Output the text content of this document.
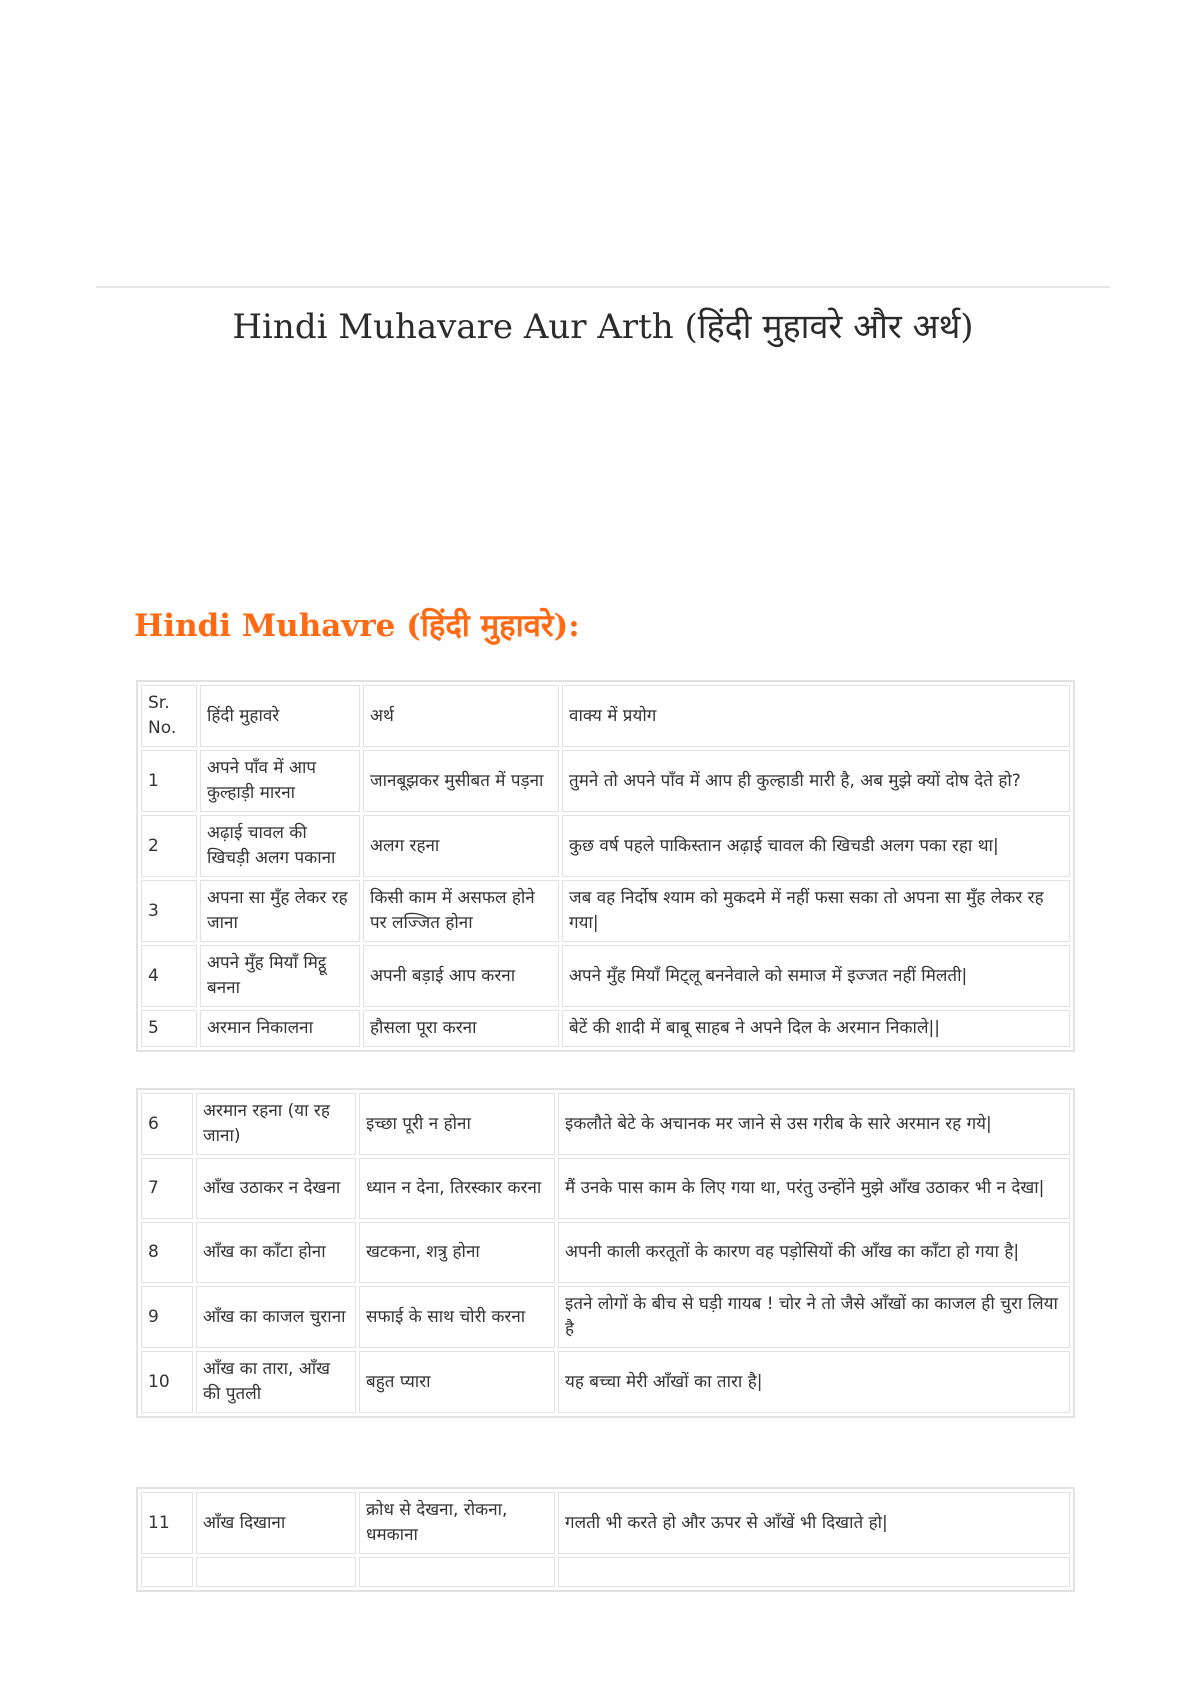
Hindi Muhavare Aur Arth (हिंदी मुहावरे और अर्थ)
Hindi Muhavre (हिंदी मुहावरे):
Sr. No.	हिंदी मुहावरे	अर्थ	वाक्य में प्रयोग
1	अपने पाँव में आप कुल्हाड़ी मारना	जानबूझकर मुसीबत में पड़ना	तुमने तो अपने पाँव में आप ही कुल्हाडी मारी है, अब मुझे क्यों दोष देते हो?
2	अढ़ाई चावल की खिचड़ी अलग पकाना	अलग रहना	कुछ वर्ष पहले पाकिस्तान अढ़ाई चावल की खिचडी अलग पका रहा था|
3	अपना सा मुँह लेकर रह जाना	किसी काम में असफल होने पर लज्जित होना	जब वह निर्दोष श्याम को मुकदमे में नहीं फसा सका तो अपना सा मुँह लेकर रह गया|
4	अपने मुँह मियाँ मिट्ठू बनना	अपनी बड़ाई आप करना	अपने मुँह मियाँ मिट्लू बननेवाले को समाज में इज्जत नहीं मिलती|
5	अरमान निकालना	हौसला पूरा करना	बेटें की शादी में बाबू साहब ने अपने दिल के अरमान निकाले||
6	अरमान रहना (या रह जाना)	इच्छा पूरी न होना	इकलौते बेटे के अचानक मर जाने से उस गरीब के सारे अरमान रह गये|
7	आँख उठाकर न देखना	ध्यान न देना, तिरस्कार करना	मैं उनके पास काम के लिए गया था, परंतु उन्होंने मुझे आँख उठाकर भी न देखा|
8	आँख का काँटा होना	खटकना, शत्रु होना	अपनी काली करतूतों के कारण वह पड़ोसियों की आँख का काँटा हो गया है|
9	आँख का काजल चुराना	सफाई के साथ चोरी करना	इतने लोगों के बीच से घड़ी गायब ! चोर ने तो जैसे आँखों का काजल ही चुरा लिया है
10	आँख का तारा, आँख की पुतली	बहुत प्यारा	यह बच्चा मेरी आँखों का तारा है|
11	आँख दिखाना	क्रोध से देखना, रोकना, धमकाना	गलती भी करते हो और ऊपर से आँखें भी दिखाते हो|
